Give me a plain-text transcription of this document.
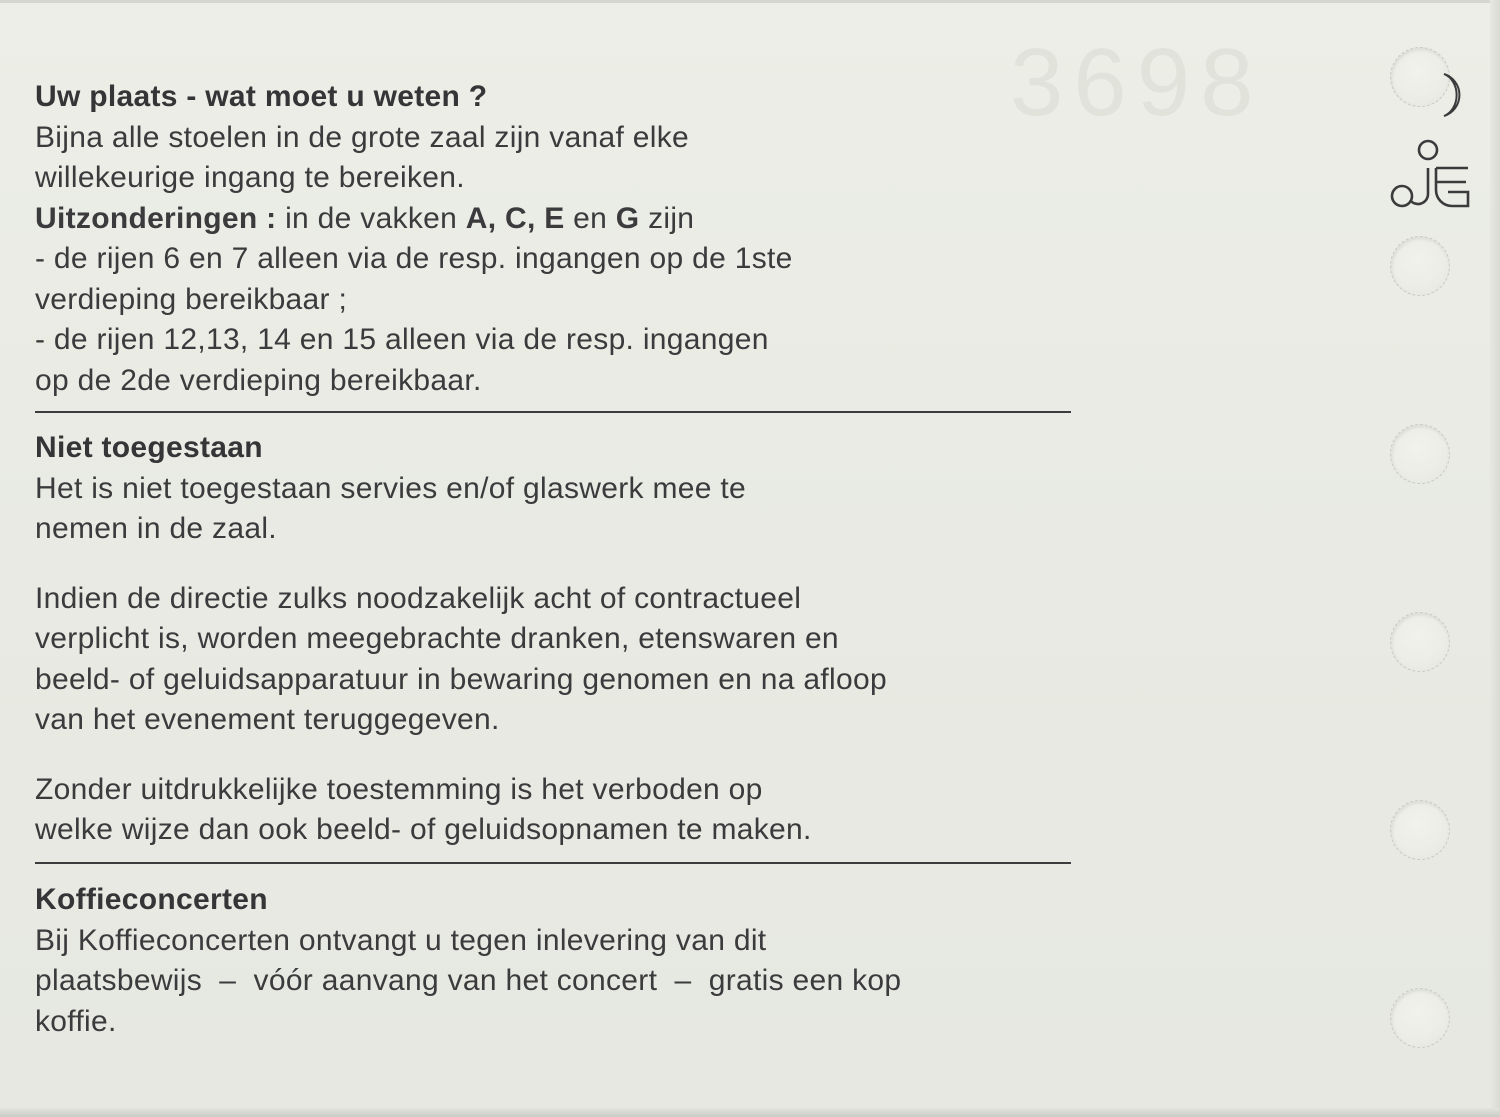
3698
Uw plaats - wat moet u weten ?
Bijna alle stoelen in de grote zaal zijn vanaf elke
willekeurige ingang te bereiken.
Uitzonderingen : in de vakken A, C, E en G zijn
- de rijen 6 en 7 alleen via de resp. ingangen op de 1ste
verdieping bereikbaar ;
- de rijen 12,13, 14 en 15 alleen via de resp. ingangen
op de 2de verdieping bereikbaar.
Niet toegestaan
Het is niet toegestaan servies en/of glaswerk mee te
nemen in de zaal.
Indien de directie zulks noodzakelijk acht of contractueel
verplicht is, worden meegebrachte dranken, etenswaren en
beeld- of geluidsapparatuur in bewaring genomen en na afloop
van het evenement teruggegeven.
Zonder uitdrukkelijke toestemming is het verboden op
welke wijze dan ook beeld- of geluidsopnamen te maken.
Koffieconcerten
Bij Koffieconcerten ontvangt u tegen inlevering van dit
plaatsbewijs  –  vóór aanvang van het concert  –  gratis een kop
koffie.
